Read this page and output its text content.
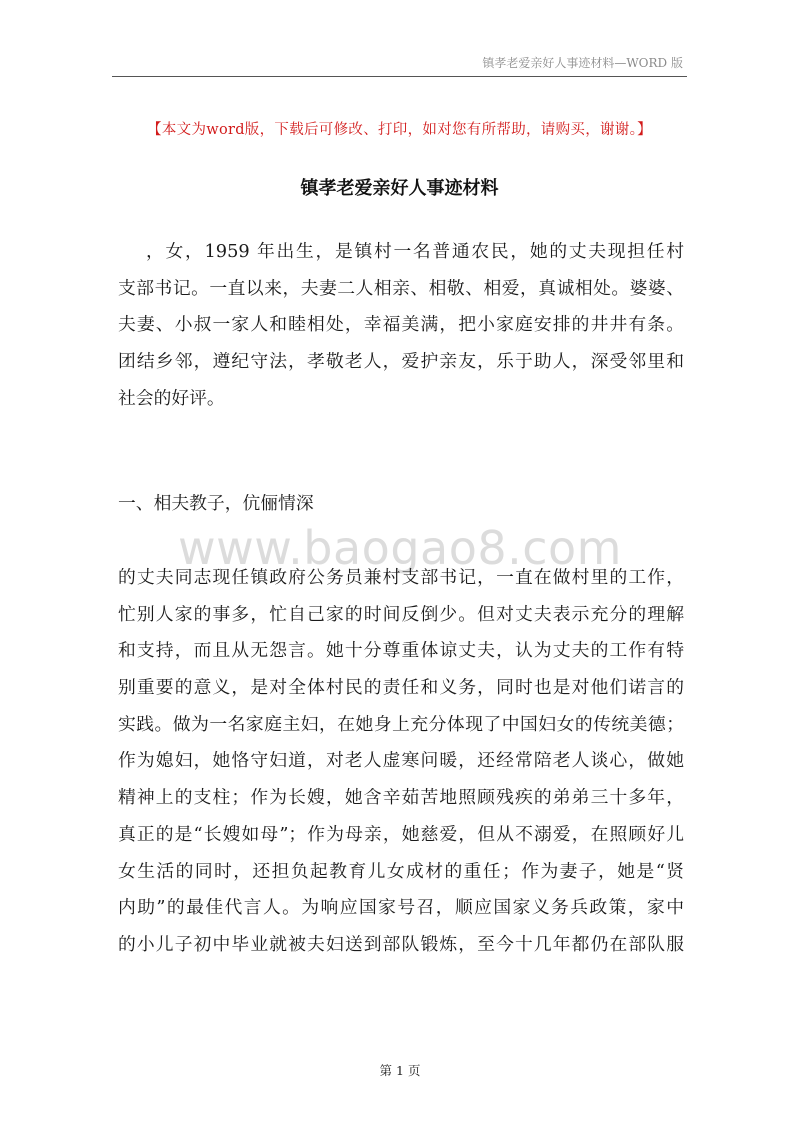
镇孝老爱亲好人事迹材料—WORD 版
【本文为word版，下载后可修改、打印，如对您有所帮助，请购买，谢谢。】
镇孝老爱亲好人事迹材料
，女，1959 年出生，是镇村一名普通农民，她的丈夫现担任村
支部书记。一直以来，夫妻二人相亲、相敬、相爱，真诚相处。婆婆、
夫妻、小叔一家人和睦相处，幸福美满，把小家庭安排的井井有条。
团结乡邻，遵纪守法，孝敬老人，爱护亲友，乐于助人，深受邻里和
社会的好评。
一、相夫教子，伉俪情深
www.baogao8.com
的丈夫同志现任镇政府公务员兼村支部书记，一直在做村里的工作，
忙别人家的事多，忙自己家的时间反倒少。但对丈夫表示充分的理解
和支持，而且从无怨言。她十分尊重体谅丈夫，认为丈夫的工作有特
别重要的意义，是对全体村民的责任和义务，同时也是对他们诺言的
实践。做为一名家庭主妇，在她身上充分体现了中国妇女的传统美德；
作为媳妇，她恪守妇道，对老人虚寒问暖，还经常陪老人谈心，做她
精神上的支柱；作为长嫂，她含辛茹苦地照顾残疾的弟弟三十多年，
真正的是“长嫂如母”；作为母亲，她慈爱，但从不溺爱，在照顾好儿
女生活的同时，还担负起教育儿女成材的重任；作为妻子，她是“贤
内助”的最佳代言人。为响应国家号召，顺应国家义务兵政策，家中
的小儿子初中毕业就被夫妇送到部队锻炼，至今十几年都仍在部队服
第 1 页
